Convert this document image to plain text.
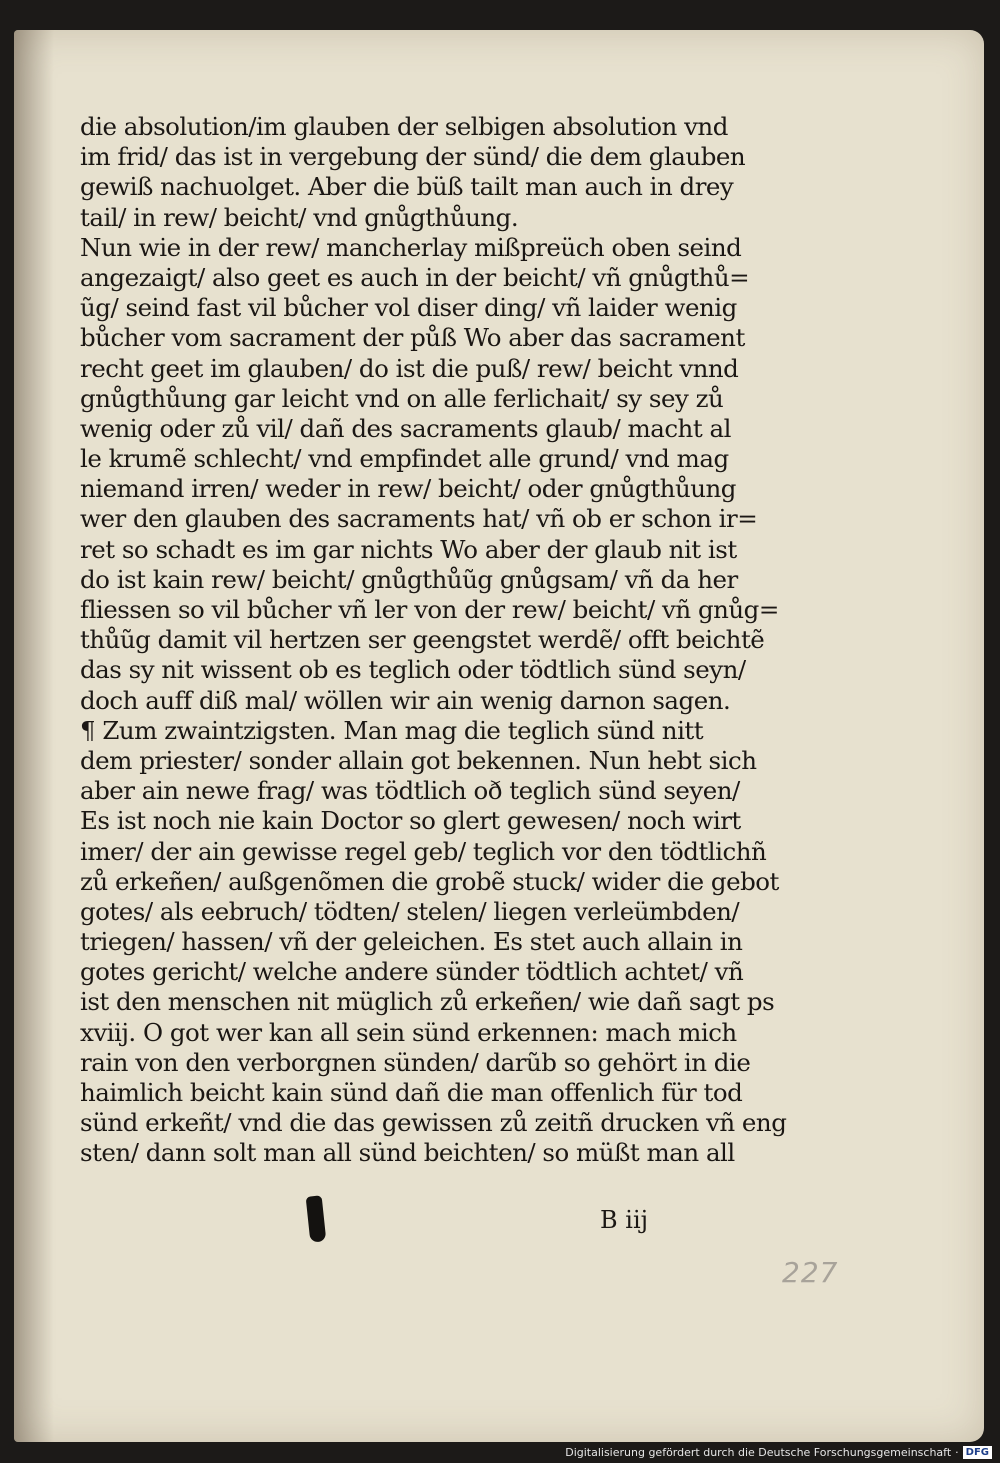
die absolution/im glauben der selbigen absolution vnd
im frid/ das ist in vergebung der sünd/ die dem glauben
gewiß nachuolget. Aber die büß tailt man auch in drey
tail/ in rew/ beicht/ vnd gnůgthůung.
Nun wie in der rew/ mancherlay mißpreüch oben seind
angezaigt/ also geet es auch in der beicht/ vñ gnůgthů=
ũg/ seind fast vil bůcher vol diser ding/ vñ laider wenig
bůcher vom sacrament der půß Wo aber das sacrament
recht geet im glauben/ do ist die puß/ rew/ beicht vnnd
gnůgthůung gar leicht vnd on alle ferlichait/ sy sey zů
wenig oder zů vil/ dañ des sacraments glaub/ macht al
le krumẽ schlecht/ vnd empfindet alle grund/ vnd mag
niemand irren/ weder in rew/ beicht/ oder gnůgthůung
wer den glauben des sacraments hat/ vñ ob er schon ir=
ret so schadt es im gar nichts Wo aber der glaub nit ist
do ist kain rew/ beicht/ gnůgthůũg gnůgsam/ vñ da her
fliessen so vil bůcher vñ ler von der rew/ beicht/ vñ gnůg=
thůũg damit vil hertzen ser geengstet werdẽ/ offt beichtẽ
das sy nit wissent ob es teglich oder tödtlich sünd seyn/
doch auff diß mal/ wöllen wir ain wenig darnon sagen.
¶ Zum zwaintzigsten. Man mag die teglich sünd nitt
dem priester/ sonder allain got bekennen. Nun hebt sich
aber ain newe frag/ was tödtlich oð teglich sünd seyen/
Es ist noch nie kain Doctor so glert gewesen/ noch wirt
imer/ der ain gewisse regel geb/ teglich vor den tödtlichñ
zů erkeñen/ außgenõmen die grobẽ stuck/ wider die gebot
gotes/ als eebruch/ tödten/ stelen/ liegen verleümbden/
triegen/ hassen/ vñ der geleichen. Es stet auch allain in
gotes gericht/ welche andere sünder tödtlich achtet/ vñ
ist den menschen nit müglich zů erkeñen/ wie dañ sagt ps
xviij. O got wer kan all sein sünd erkennen: mach mich
rain von den verborgnen sünden/ darũb so gehört in die
haimlich beicht kain sünd dañ die man offenlich für tod
sünd erkeñt/ vnd die das gewissen zů zeitñ drucken vñ eng
sten/ dann solt man all sünd beichten/ so müßt man all
B iij
227
Digitalisierung gefördert durch die Deutsche Forschungsgemeinschaft · DFG
